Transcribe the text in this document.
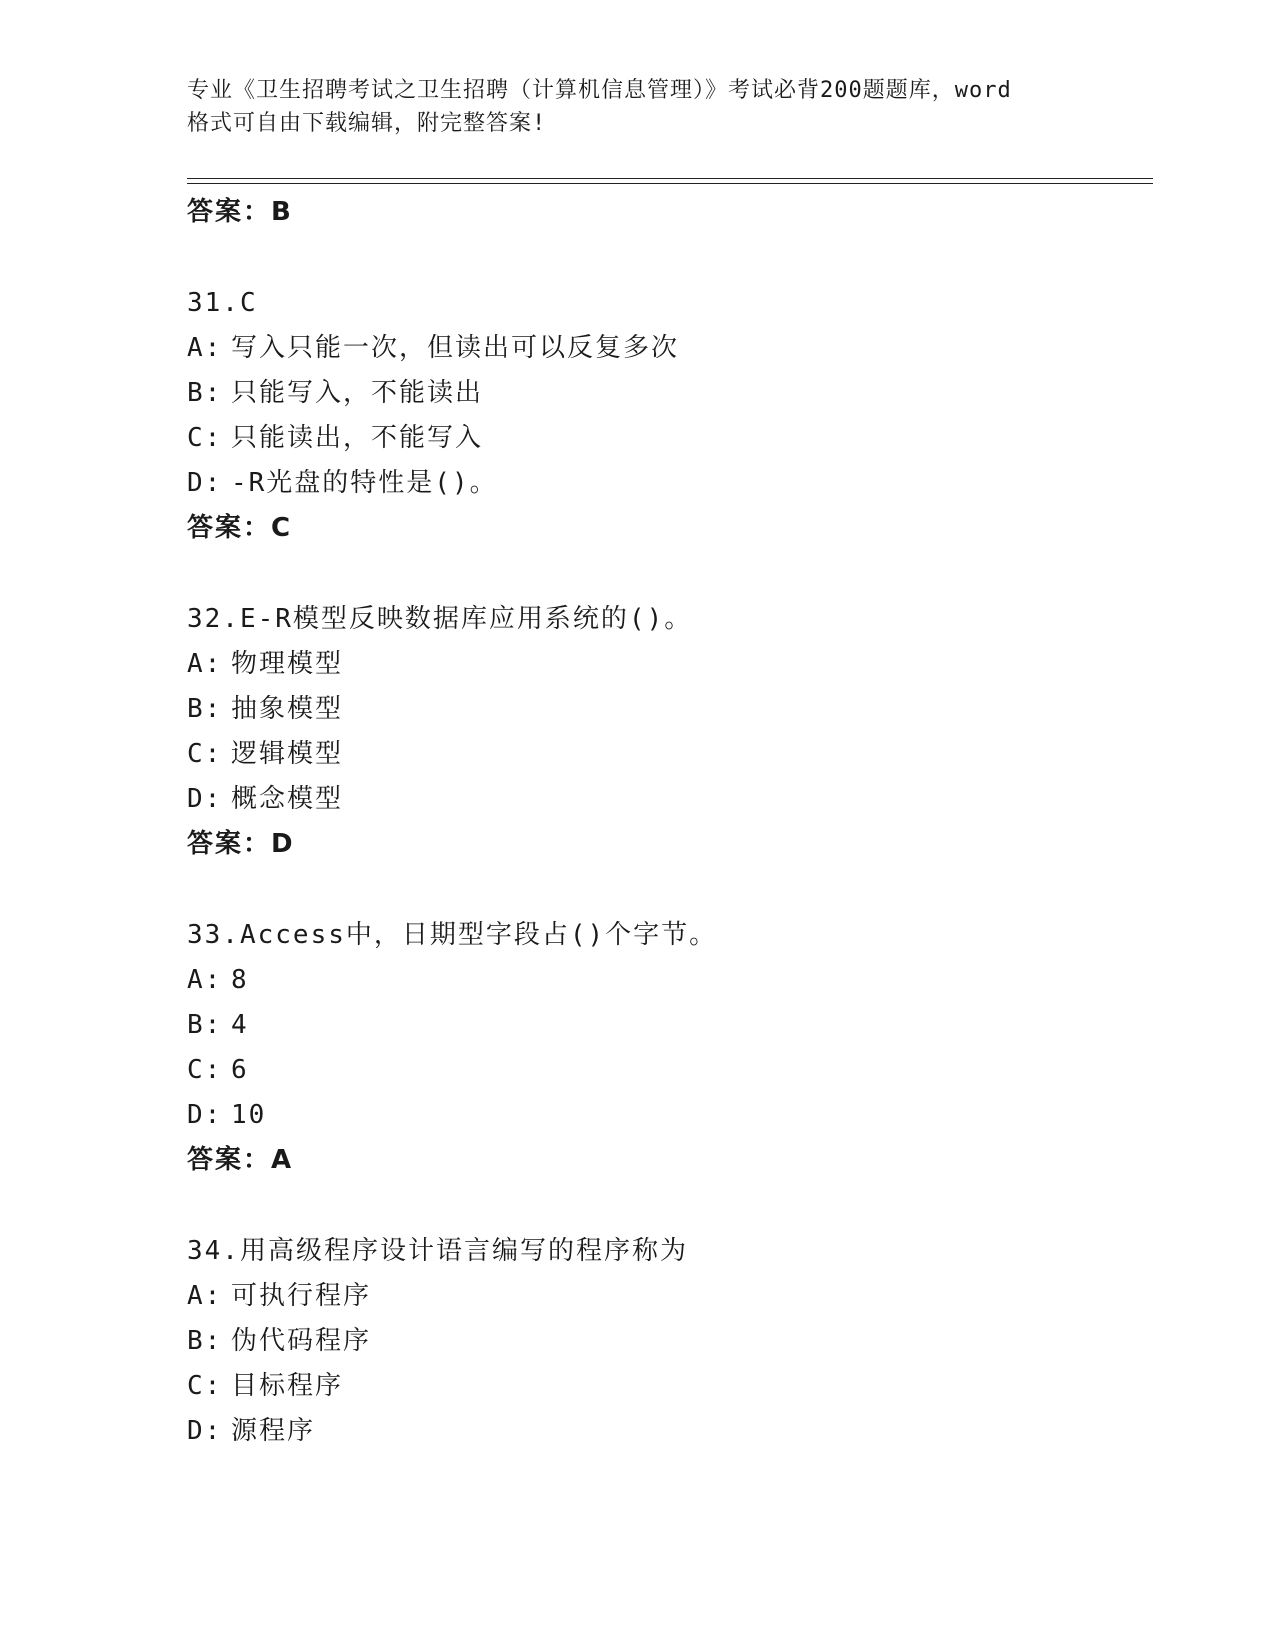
专业《卫生招聘考试之卫生招聘（计算机信息管理）》考试必背200题题库，word
格式可自由下载编辑，附完整答案!
答案：B
31.C
A: 写入只能一次，但读出可以反复多次
B: 只能写入，不能读出
C: 只能读出，不能写入
D: -R光盘的特性是()。
答案：C
32.E-R模型反映数据库应用系统的()。
A: 物理模型
B: 抽象模型
C: 逻辑模型
D: 概念模型
答案：D
33.Access中，日期型字段占()个字节。
A: 8
B: 4
C: 6
D: 10
答案：A
34.用高级程序设计语言编写的程序称为
A: 可执行程序
B: 伪代码程序
C: 目标程序
D: 源程序
